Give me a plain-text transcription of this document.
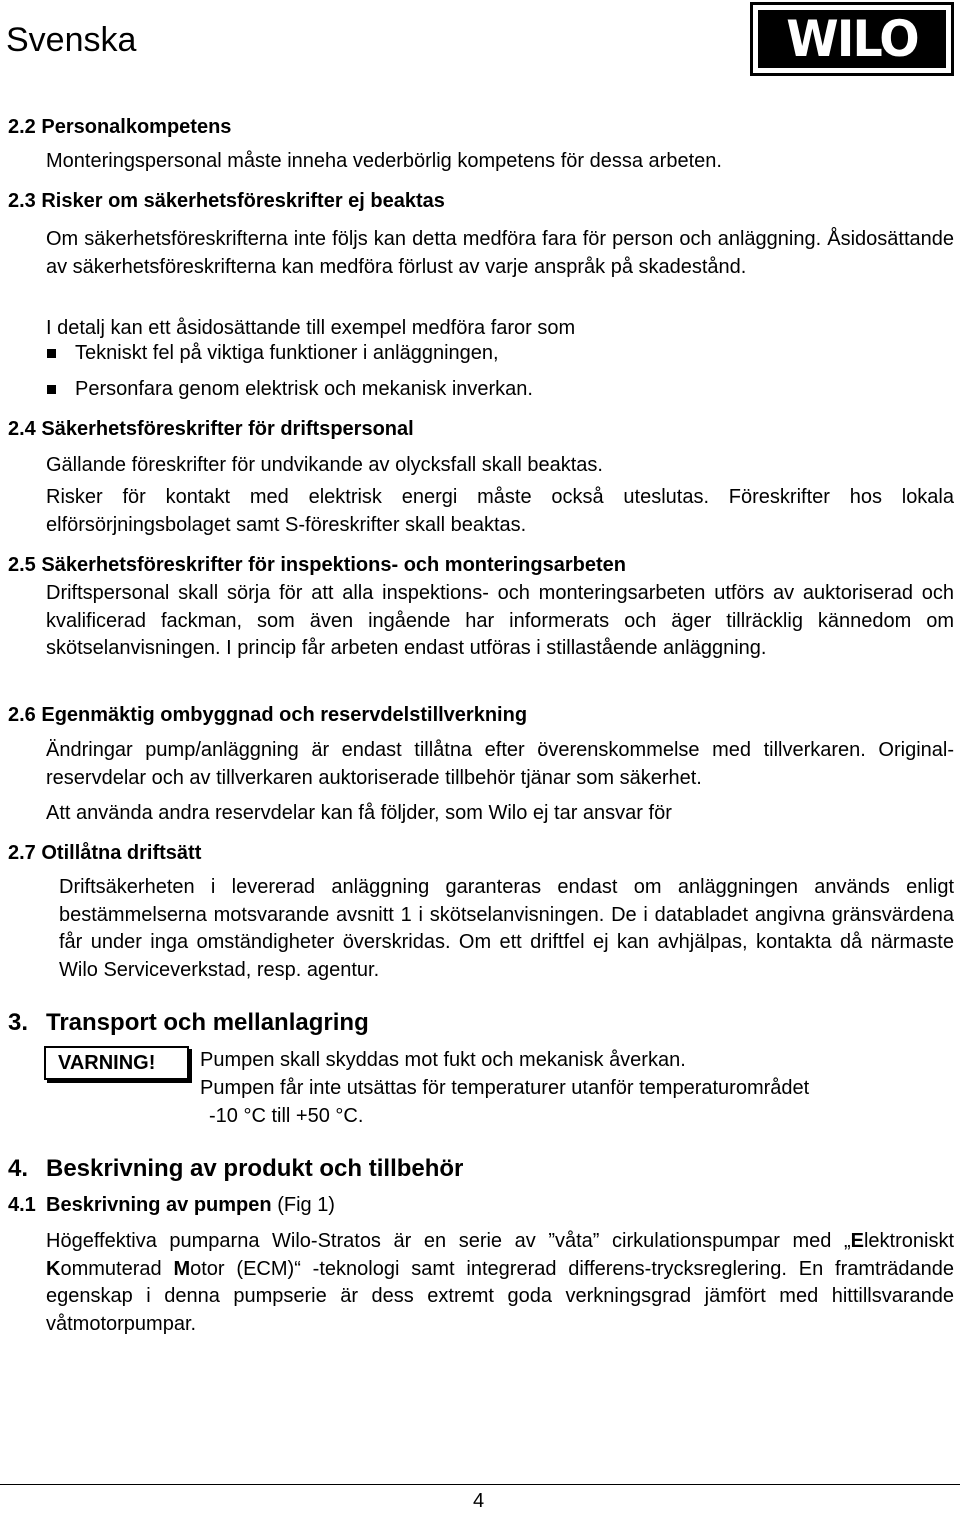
Svenska	WILO
2.2 Personalkompetens
Monteringspersonal måste inneha vederbörlig kompetens för dessa arbeten.
2.3 Risker om säkerhetsföreskrifter ej beaktas
Om säkerhetsföreskrifterna inte följs kan detta medföra fara för person och anläggning. Åsidosättande av säkerhetsföreskrifterna kan medföra förlust av varje anspråk på skadestånd.
I detalj kan ett åsidosättande till exempel medföra faror som
Tekniskt fel på viktiga funktioner i anläggningen,
Personfara genom elektrisk och mekanisk inverkan.
2.4 Säkerhetsföreskrifter för driftspersonal
Gällande föreskrifter för undvikande av olycksfall skall beaktas.
Risker för kontakt med elektrisk energi måste också uteslutas. Föreskrifter hos lokala elförsörjningsbolaget samt S-föreskrifter skall beaktas.
2.5 Säkerhetsföreskrifter för inspektions- och monteringsarbeten
Driftspersonal skall sörja för att alla inspektions- och monteringsarbeten utförs av auktoriserad och kvalificerad fackman, som även ingående har informerats och äger tillräcklig kännedom om skötselanvisningen. I princip får arbeten endast utföras i stillastående anläggning.
2.6 Egenmäktig ombyggnad och reservdelstillverkning
Ändringar pump/anläggning är endast tillåtna efter överenskommelse med tillverkaren. Original-reservdelar och av tillverkaren auktoriserade tillbehör tjänar som säkerhet.
Att använda andra reservdelar kan få följder, som Wilo ej tar ansvar för
2.7 Otillåtna driftsätt
Driftsäkerheten i levererad anläggning garanteras endast om anläggningen används enligt bestämmelserna motsvarande avsnitt 1 i skötselanvisningen. De i databladet angivna gränsvärdena får under inga omständigheter överskridas. Om ett driftfel ej kan avhjälpas, kontakta då närmaste Wilo Serviceverkstad, resp. agentur.
3. Transport och mellanlagring
VARNING! Pumpen skall skyddas mot fukt och mekanisk åverkan.
Pumpen får inte utsättas för temperaturer utanför temperaturområdet
-10 °C till +50 °C.
4. Beskrivning av produkt och tillbehör
4.1 Beskrivning av pumpen (Fig 1)
Högeffektiva pumparna Wilo-Stratos är en serie av ”våta” cirkulationspumpar med „Elektroniskt Kommuterad Motor (ECM)“ -teknologi samt integrerad differens-trycksreglering. En framträdande egenskap i denna pumpserie är dess extremt goda verkningsgrad jämfört med hittillsvarande våtmotorpumpar.
4
